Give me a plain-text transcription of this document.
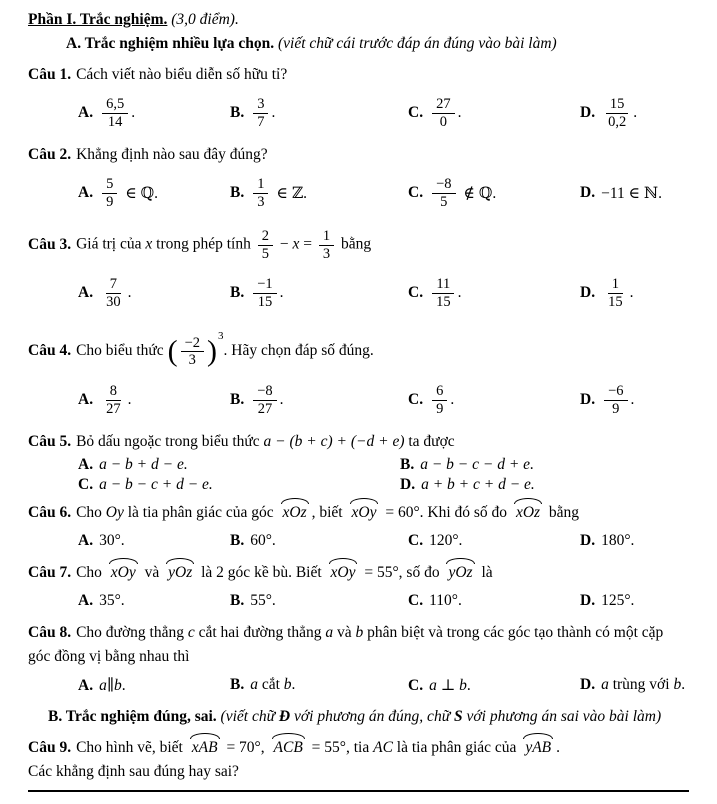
Phần I. Trắc nghiệm. (3,0 điểm).

A. Trắc nghiệm nhiều lựa chọn. (viết chữ cái trước đáp án đúng vào bài làm)

Câu 1. Cách viết nào biểu diễn số hữu tỉ?

A. $\frac{6,5}{14}$ .	B. $\frac{3}{7}$ .	C. $\frac{27}{0}$ .	D. $\frac{15}{0,2}$ .

Câu 2. Khẳng định nào sau đây đúng?

A. $\frac{5}{9}$ ∈ ℚ.	B. $\frac{1}{3}$ ∈ ℤ.	C. $\frac{-8}{5}$ ∉ ℚ.	D. −11 ∈ ℕ.

Câu 3. Giá trị của x trong phép tính $\frac{2}{5} - x = \frac{1}{3}$ bằng

A. $\frac{7}{30}$ .	B. $\frac{-1}{15}$ .	C. $\frac{11}{15}$ .	D. $\frac{1}{15}$ .

Câu 4. Cho biểu thức ( $\frac{-2}{3} )^3$. Hãy chọn đáp số đúng.

A. $\frac{8}{27}$ .	B. $\frac{-8}{27}$ .	C. $\frac{6}{9}$ .	D. $\frac{-6}{9}$ .

Câu 5. Bỏ dấu ngoặc trong biểu thức a − (b + c) + (−d + e) ta được

A. a − b + d − e.	B. a − b − c − d + e.
C. a − b − c + d − e.	D. a + b + c + d − e.

Câu 6. Cho Oy là tia phân giác của góc xOz , biết xOy = 60°. Khi đó số đo xOz bằng

A. 30°.	B. 60°.	C. 120°.	D. 180°.

Câu 7. Cho xOy và yOz là 2 góc kề bù. Biết xOy = 55°, số đo yOz là

A. 35°.	B. 55°.	C. 110°.	D. 125°.

Câu 8. Cho đường thẳng c cắt hai đường thẳng a và b phân biệt và trong các góc tạo thành có một cặp góc đồng vị bằng nhau thì

A. a∥b.	B. a cắt b.	C. a ⊥ b.	D. a trùng với b.

B. Trắc nghiệm đúng, sai. (viết chữ Đ với phương án đúng, chữ S với phương án sai vào bài làm)

Câu 9. Cho hình vẽ, biết xAB = 70°, ACB = 55°, tia AC là tia phân giác của yAB .

Các khẳng định sau đúng hay sai?
